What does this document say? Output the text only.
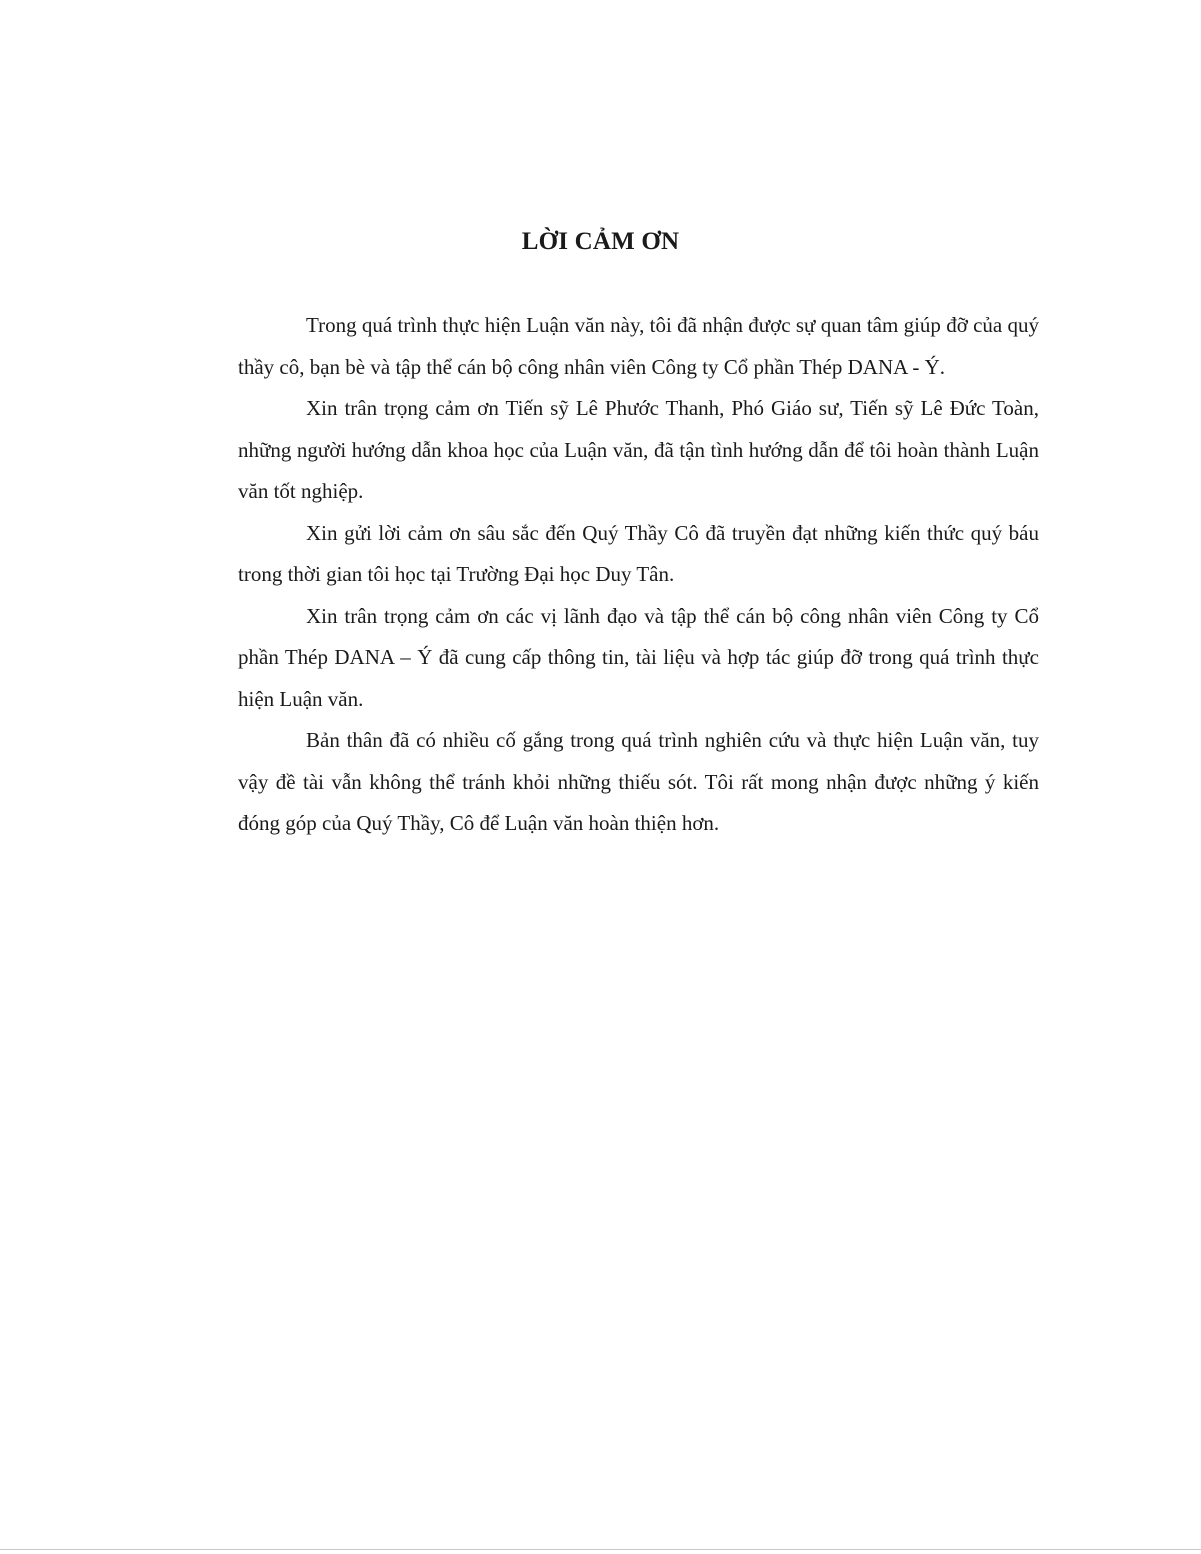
LỜI CẢM ƠN

Trong quá trình thực hiện Luận văn này, tôi đã nhận được sự quan tâm giúp đỡ của quý thầy cô, bạn bè và tập thể cán bộ công nhân viên Công ty Cổ phần Thép DANA - Ý.

Xin trân trọng cảm ơn Tiến sỹ Lê Phước Thanh, Phó Giáo sư, Tiến sỹ Lê Đức Toàn, những người hướng dẫn khoa học của Luận văn, đã tận tình hướng dẫn để tôi hoàn thành Luận văn tốt nghiệp.

Xin gửi lời cảm ơn sâu sắc đến Quý Thầy Cô đã truyền đạt những kiến thức quý báu trong thời gian tôi học tại Trường Đại học Duy Tân.

Xin trân trọng cảm ơn các vị lãnh đạo và tập thể cán bộ công nhân viên Công ty Cổ phần Thép DANA – Ý đã cung cấp thông tin, tài liệu và hợp tác giúp đỡ trong quá trình thực hiện Luận văn.

Bản thân đã có nhiều cố gắng trong quá trình nghiên cứu và thực hiện Luận văn, tuy vậy đề tài vẫn không thể tránh khỏi những thiếu sót. Tôi rất mong nhận được những ý kiến đóng góp của Quý Thầy, Cô để Luận văn hoàn thiện hơn.
